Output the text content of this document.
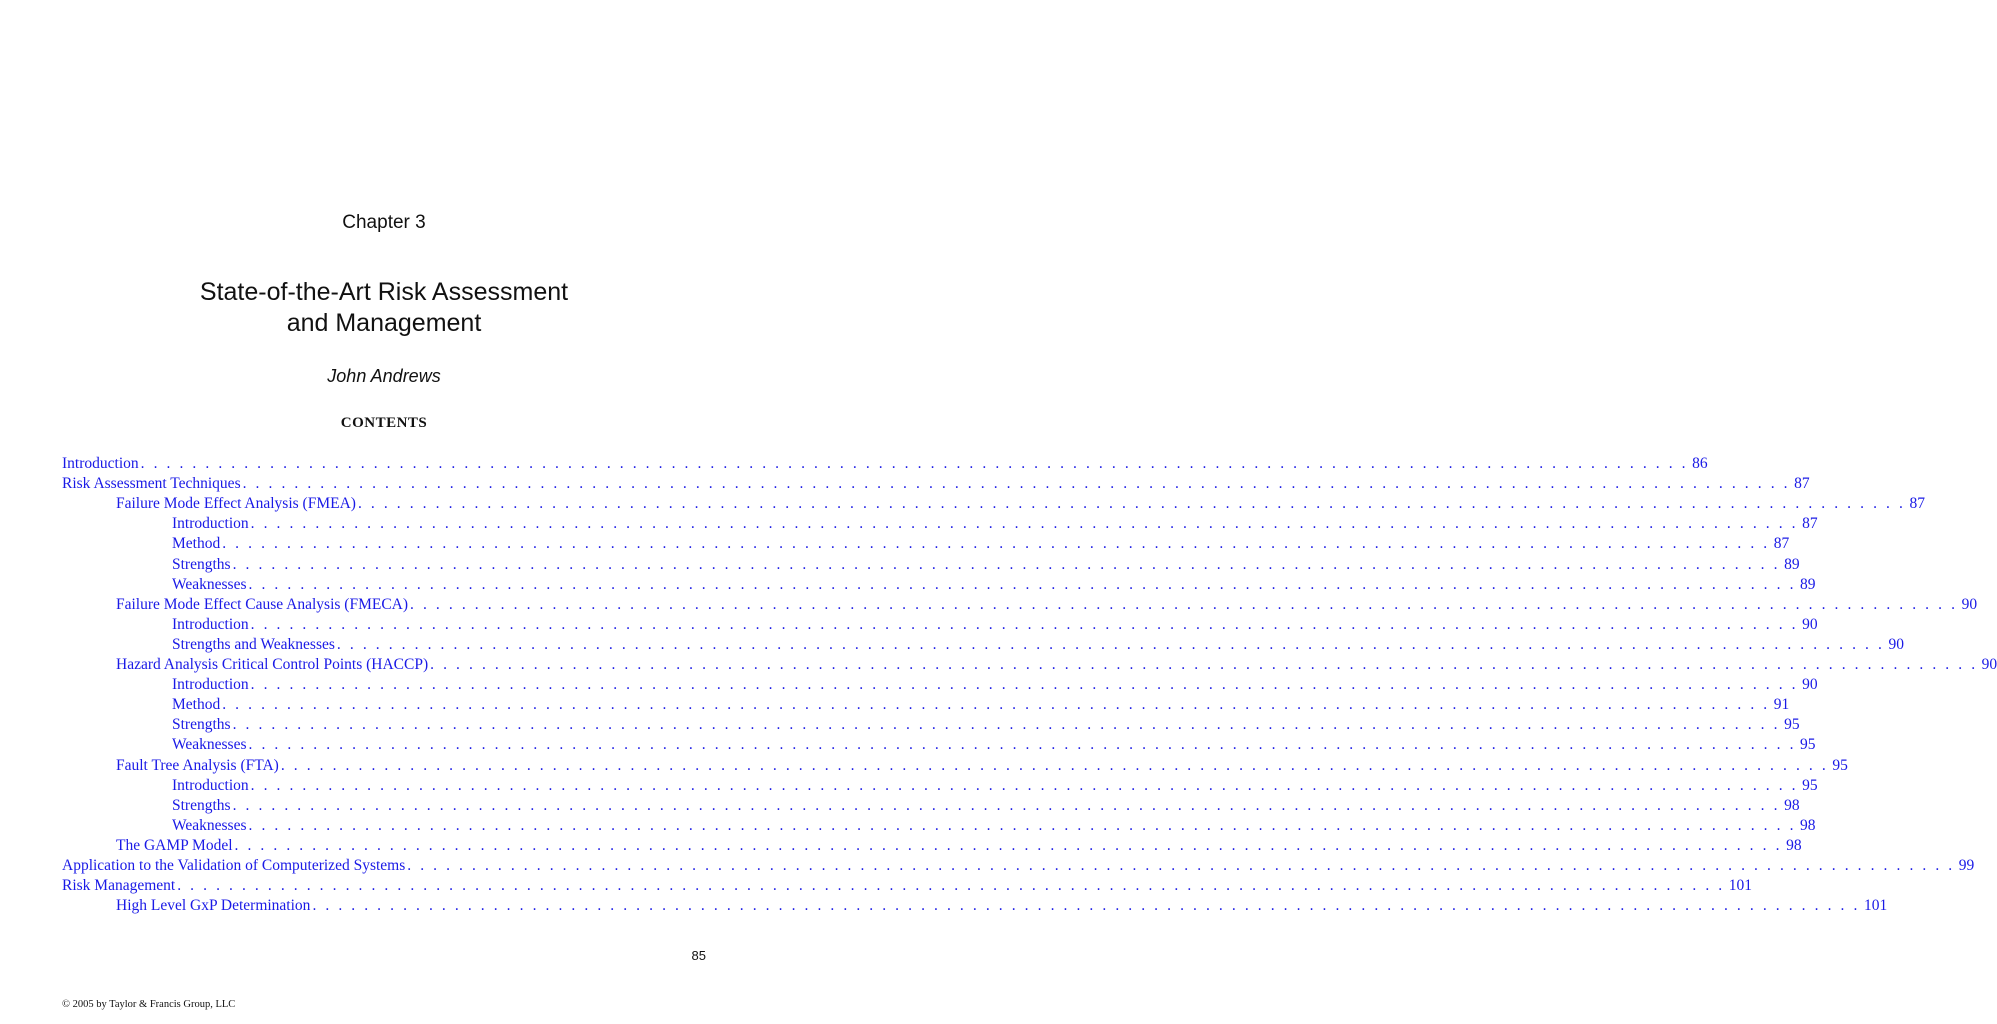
Chapter 3
State-of-the-Art Risk Assessment
and Management
John Andrews
CONTENTS
Introduction . . . . . . . . . . . . . . . . . . . . . . . . . . . . . . . . . . . . . . . . . . . . . . . . . . . . . . . . . . . . . . . . . . . . . . . . . . . . . . . . . . . . . . . . . . . . . . . . . . . . . . . . . . . . . . . . . . . . . . . . 86
Risk Assessment Techniques . . . . . . . . . . . . . . . . . . . . . . . . . . . . . . . . . . . . . . . . . . . . . . . . . . . . . . . . . . . . . . . . . . . . . . . . . . . . . . . . . . . . . . . . . . . . . . . . . . . . . . . . . . . . . . . . . . . . . . . . 87
Failure Mode Effect Analysis (FMEA) . . . . . . . . . . . . . . . . . . . . . . . . . . . . . . . . . . . . . . . . . . . . . . . . . . . . . . . . . . . . . . . . . . . . . . . . . . . . . . . . . . . . . . . . . . . . . . . . . . . . . . . . . . . . . . . . . . . . . . . . 87
Introduction . . . . . . . . . . . . . . . . . . . . . . . . . . . . . . . . . . . . . . . . . . . . . . . . . . . . . . . . . . . . . . . . . . . . . . . . . . . . . . . . . . . . . . . . . . . . . . . . . . . . . . . . . . . . . . . . . . . . . . . . 87
Method . . . . . . . . . . . . . . . . . . . . . . . . . . . . . . . . . . . . . . . . . . . . . . . . . . . . . . . . . . . . . . . . . . . . . . . . . . . . . . . . . . . . . . . . . . . . . . . . . . . . . . . . . . . . . . . . . . . . . . . . 87
Strengths . . . . . . . . . . . . . . . . . . . . . . . . . . . . . . . . . . . . . . . . . . . . . . . . . . . . . . . . . . . . . . . . . . . . . . . . . . . . . . . . . . . . . . . . . . . . . . . . . . . . . . . . . . . . . . . . . . . . . . . . 89
Weaknesses . . . . . . . . . . . . . . . . . . . . . . . . . . . . . . . . . . . . . . . . . . . . . . . . . . . . . . . . . . . . . . . . . . . . . . . . . . . . . . . . . . . . . . . . . . . . . . . . . . . . . . . . . . . . . . . . . . . . . . . . 89
Failure Mode Effect Cause Analysis (FMECA) . . . . . . . . . . . . . . . . . . . . . . . . . . . . . . . . . . . . . . . . . . . . . . . . . . . . . . . . . . . . . . . . . . . . . . . . . . . . . . . . . . . . . . . . . . . . . . . . . . . . . . . . . . . . . . . . . . . . . . . . 90
Introduction . . . . . . . . . . . . . . . . . . . . . . . . . . . . . . . . . . . . . . . . . . . . . . . . . . . . . . . . . . . . . . . . . . . . . . . . . . . . . . . . . . . . . . . . . . . . . . . . . . . . . . . . . . . . . . . . . . . . . . . . 90
Strengths and Weaknesses . . . . . . . . . . . . . . . . . . . . . . . . . . . . . . . . . . . . . . . . . . . . . . . . . . . . . . . . . . . . . . . . . . . . . . . . . . . . . . . . . . . . . . . . . . . . . . . . . . . . . . . . . . . . . . . . . . . . . . . . 90
Hazard Analysis Critical Control Points (HACCP) . . . . . . . . . . . . . . . . . . . . . . . . . . . . . . . . . . . . . . . . . . . . . . . . . . . . . . . . . . . . . . . . . . . . . . . . . . . . . . . . . . . . . . . . . . . . . . . . . . . . . . . . . . . . . . . . . . . . . . . . 90
Introduction . . . . . . . . . . . . . . . . . . . . . . . . . . . . . . . . . . . . . . . . . . . . . . . . . . . . . . . . . . . . . . . . . . . . . . . . . . . . . . . . . . . . . . . . . . . . . . . . . . . . . . . . . . . . . . . . . . . . . . . . 90
Method . . . . . . . . . . . . . . . . . . . . . . . . . . . . . . . . . . . . . . . . . . . . . . . . . . . . . . . . . . . . . . . . . . . . . . . . . . . . . . . . . . . . . . . . . . . . . . . . . . . . . . . . . . . . . . . . . . . . . . . . 91
Strengths . . . . . . . . . . . . . . . . . . . . . . . . . . . . . . . . . . . . . . . . . . . . . . . . . . . . . . . . . . . . . . . . . . . . . . . . . . . . . . . . . . . . . . . . . . . . . . . . . . . . . . . . . . . . . . . . . . . . . . . . 95
Weaknesses . . . . . . . . . . . . . . . . . . . . . . . . . . . . . . . . . . . . . . . . . . . . . . . . . . . . . . . . . . . . . . . . . . . . . . . . . . . . . . . . . . . . . . . . . . . . . . . . . . . . . . . . . . . . . . . . . . . . . . . . 95
Fault Tree Analysis (FTA) . . . . . . . . . . . . . . . . . . . . . . . . . . . . . . . . . . . . . . . . . . . . . . . . . . . . . . . . . . . . . . . . . . . . . . . . . . . . . . . . . . . . . . . . . . . . . . . . . . . . . . . . . . . . . . . . . . . . . . . . 95
Introduction . . . . . . . . . . . . . . . . . . . . . . . . . . . . . . . . . . . . . . . . . . . . . . . . . . . . . . . . . . . . . . . . . . . . . . . . . . . . . . . . . . . . . . . . . . . . . . . . . . . . . . . . . . . . . . . . . . . . . . . . 95
Strengths . . . . . . . . . . . . . . . . . . . . . . . . . . . . . . . . . . . . . . . . . . . . . . . . . . . . . . . . . . . . . . . . . . . . . . . . . . . . . . . . . . . . . . . . . . . . . . . . . . . . . . . . . . . . . . . . . . . . . . . . 98
Weaknesses . . . . . . . . . . . . . . . . . . . . . . . . . . . . . . . . . . . . . . . . . . . . . . . . . . . . . . . . . . . . . . . . . . . . . . . . . . . . . . . . . . . . . . . . . . . . . . . . . . . . . . . . . . . . . . . . . . . . . . . . 98
The GAMP Model . . . . . . . . . . . . . . . . . . . . . . . . . . . . . . . . . . . . . . . . . . . . . . . . . . . . . . . . . . . . . . . . . . . . . . . . . . . . . . . . . . . . . . . . . . . . . . . . . . . . . . . . . . . . . . . . . . . . . . . . 98
Application to the Validation of Computerized Systems . . . . . . . . . . . . . . . . . . . . . . . . . . . . . . . . . . . . . . . . . . . . . . . . . . . . . . . . . . . . . . . . . . . . . . . . . . . . . . . . . . . . . . . . . . . . . . . . . . . . . . . . . . . . . . . . . . . . . . . . 99
Risk Management . . . . . . . . . . . . . . . . . . . . . . . . . . . . . . . . . . . . . . . . . . . . . . . . . . . . . . . . . . . . . . . . . . . . . . . . . . . . . . . . . . . . . . . . . . . . . . . . . . . . . . . . . . . . . . . . . . . . . . . . 101
High Level GxP Determination . . . . . . . . . . . . . . . . . . . . . . . . . . . . . . . . . . . . . . . . . . . . . . . . . . . . . . . . . . . . . . . . . . . . . . . . . . . . . . . . . . . . . . . . . . . . . . . . . . . . . . . . . . . . . . . . . . . . . . . . 101
85
© 2005 by Taylor & Francis Group, LLC
